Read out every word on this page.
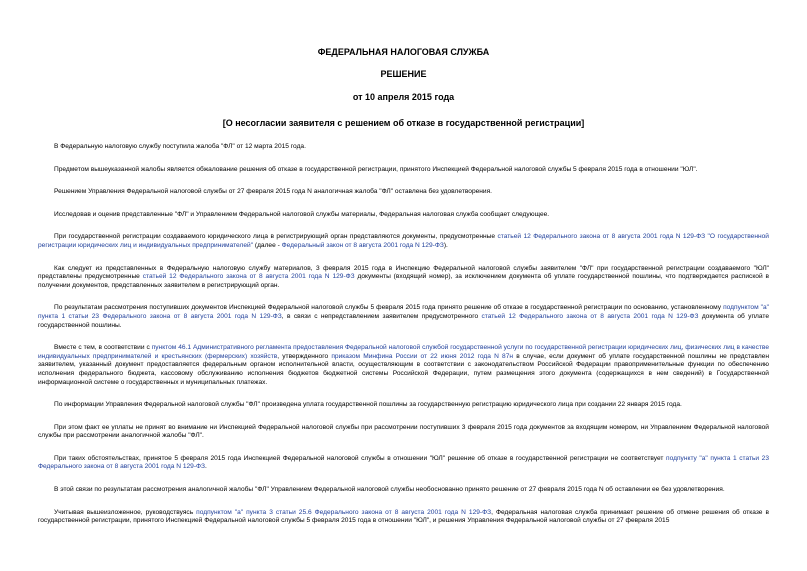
ФЕДЕРАЛЬНАЯ НАЛОГОВАЯ СЛУЖБА
РЕШЕНИЕ
от 10 апреля 2015 года
[О несогласии заявителя с решением об отказе в государственной регистрации]

В Федеральную налоговую службу поступила жалоба "ФЛ" от 12 марта 2015 года.

Предметом вышеуказанной жалобы является обжалование решения об отказе в государственной регистрации, принятого Инспекцией Федеральной налоговой службы 5 февраля 2015 года в отношении "ЮЛ".

Решением Управления Федеральной налоговой службы от 27 февраля 2015 года N аналогичная жалоба "ФЛ" оставлена без удовлетворения.

Исследовав и оценив представленные "ФЛ" и Управлением Федеральной налоговой службы материалы, Федеральная налоговая служба сообщает следующее.

При государственной регистрации создаваемого юридического лица в регистрирующий орган представляются документы, предусмотренные статьей 12 Федерального закона от 8 августа 2001 года N 129-ФЗ "О государственной регистрации юридических лиц и индивидуальных предпринимателей" (далее - Федеральный закон от 8 августа 2001 года N 129-ФЗ).

Как следует из представленных в Федеральную налоговую службу материалов, 3 февраля 2015 года в Инспекцию Федеральной налоговой службы заявителем "ФЛ" при государственной регистрации создаваемого "ЮЛ" представлены предусмотренные статьей 12 Федерального закона от 8 августа 2001 года N 129-ФЗ документы (входящий номер), за исключением документа об уплате государственной пошлины, что подтверждается распиской в получении документов, представленных заявителем в регистрирующий орган.

По результатам рассмотрения поступивших документов Инспекцией Федеральной налоговой службы 5 февраля 2015 года принято решение об отказе в государственной регистрации по основанию, установленному подпунктом "а" пункта 1 статьи 23 Федерального закона от 8 августа 2001 года N 129-ФЗ, в связи с непредставлением заявителем предусмотренного статьей 12 Федерального закона от 8 августа 2001 года N 129-ФЗ документа об уплате государственной пошлины.

Вместе с тем, в соответствии с пунктом 46.1 Административного регламента предоставления Федеральной налоговой службой государственной услуги по государственной регистрации юридических лиц, физических лиц в качестве индивидуальных предпринимателей и крестьянских (фермерских) хозяйств, утвержденного приказом Минфина России от 22 июня 2012 года N 87н в случае, если документ об уплате государственной пошлины не представлен заявителем, указанный документ предоставляется федеральным органом исполнительной власти, осуществляющим в соответствии с законодательством Российской Федерации правоприменительные функции по обеспечению исполнения федерального бюджета, кассовому обслуживанию исполнения бюджетов бюджетной системы Российской Федерации, путем размещения этого документа (содержащихся в нем сведений) в Государственной информационной системе о государственных и муниципальных платежах.

По информации Управления Федеральной налоговой службы "ФЛ" произведена уплата государственной пошлины за государственную регистрацию юридического лица при создании 22 января 2015 года.

При этом факт ее уплаты не принят во внимание ни Инспекцией Федеральной налоговой службы при рассмотрении поступивших 3 февраля 2015 года документов за входящим номером, ни Управлением Федеральной налоговой службы при рассмотрении аналогичной жалобы "ФЛ".

При таких обстоятельствах, принятое 5 февраля 2015 года Инспекцией Федеральной налоговой службы в отношении "ЮЛ" решение об отказе в государственной регистрации не соответствует подпункту "а" пункта 1 статьи 23 Федерального закона от 8 августа 2001 года N 129-ФЗ.

В этой связи по результатам рассмотрения аналогичной жалобы "ФЛ" Управлением Федеральной налоговой службы необоснованно принято решение от 27 февраля 2015 года N об оставлении ее без удовлетворения.

Учитывая вышеизложенное, руководствуясь подпунктом "а" пункта 3 статьи 25.6 Федерального закона от 8 августа 2001 года N 129-ФЗ, Федеральная налоговая служба принимает решение об отмене решения об отказе в государственной регистрации, принятого Инспекцией Федеральной налоговой службы 5 февраля 2015 года в отношении "ЮЛ", и решения Управления Федеральной налоговой службы от 27 февраля 2015
